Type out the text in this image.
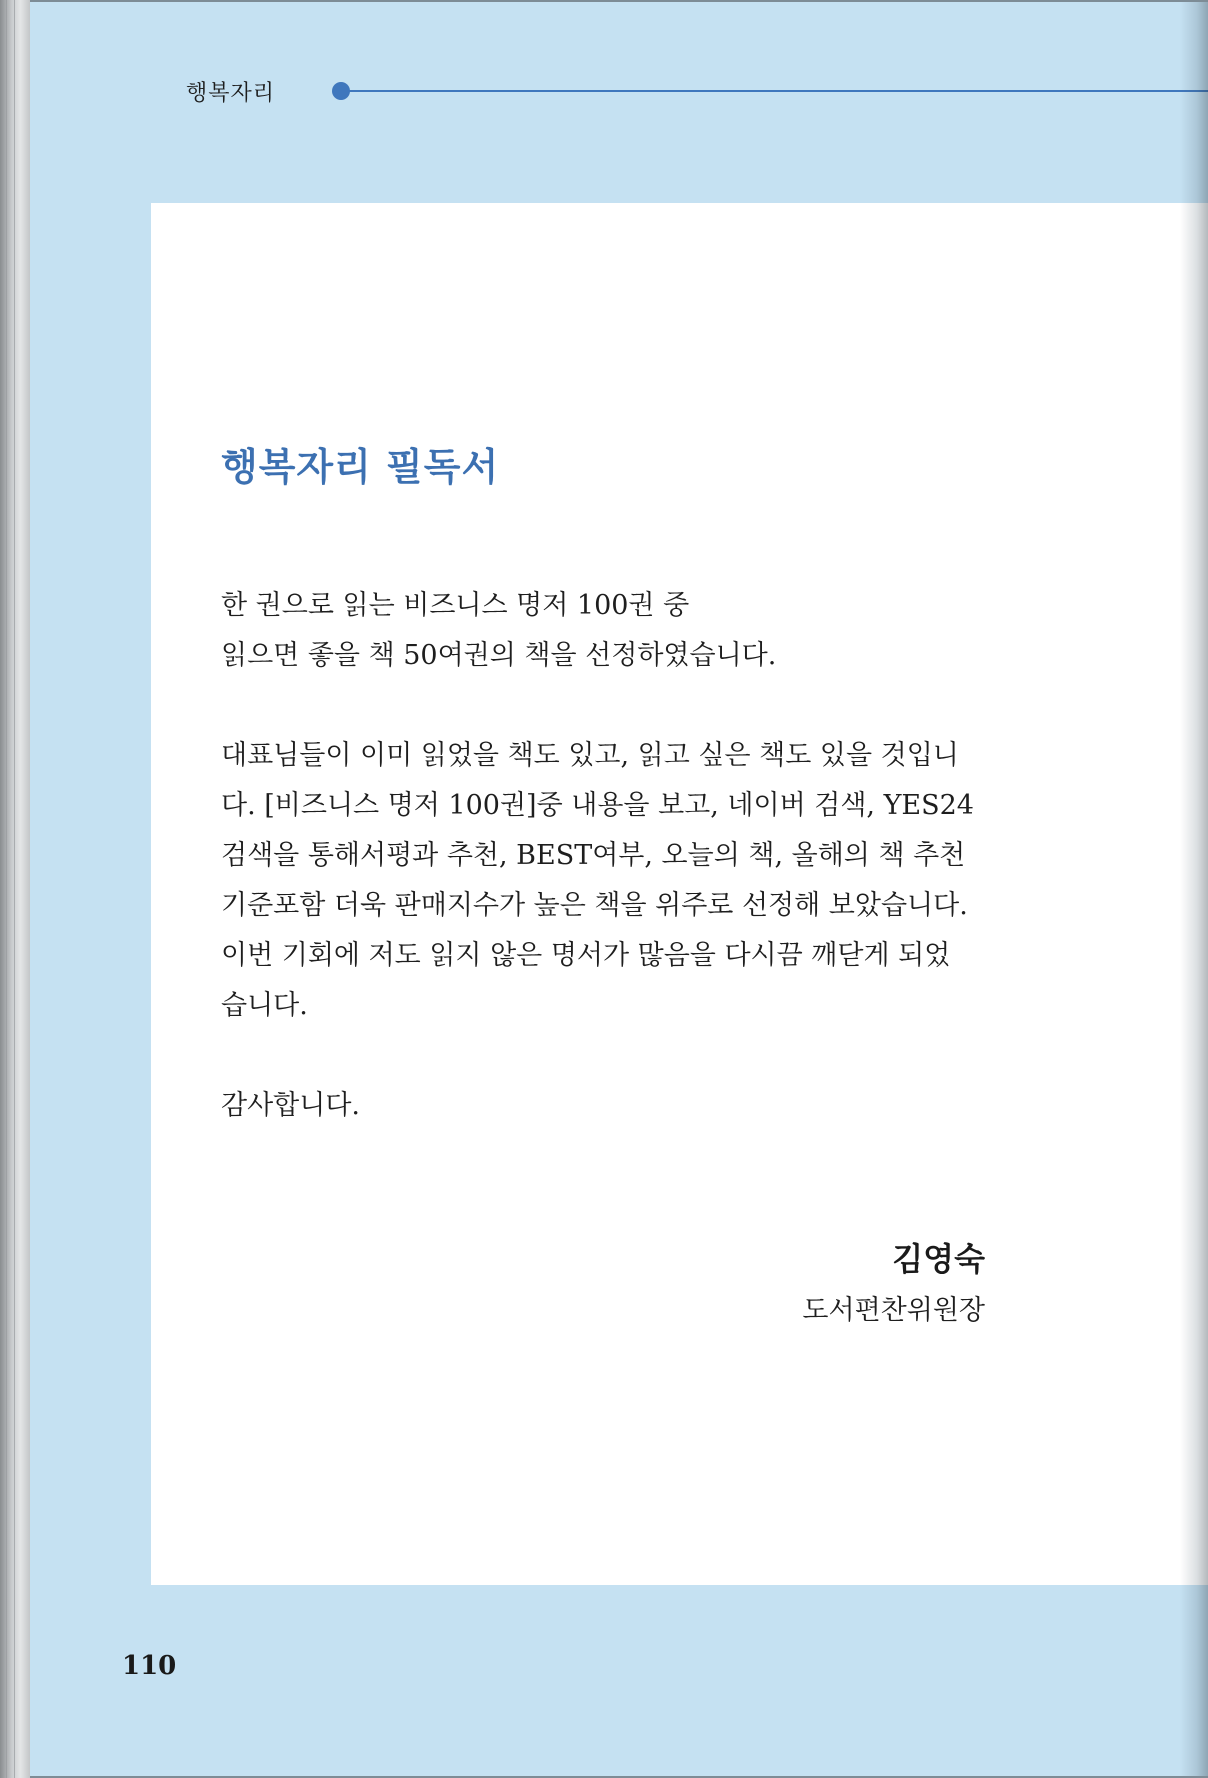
행복자리
행복자리 필독서

한 권으로 읽는 비즈니스 명저 100권 중
읽으면 좋을 책 50여권의 책을 선정하였습니다.

대표님들이 이미 읽었을 책도 있고, 읽고 싶은 책도 있을 것입니
다. [비즈니스 명저 100권]중 내용을 보고, 네이버 검색, YES24
검색을 통해서평과 추천, BEST여부, 오늘의 책, 올해의 책 추천
기준포함 더욱 판매지수가 높은 책을 위주로 선정해 보았습니다.
이번 기회에 저도 읽지 않은 명서가 많음을 다시끔 깨닫게 되었
습니다.

감사합니다.

김영숙
도서편찬위원장
110
